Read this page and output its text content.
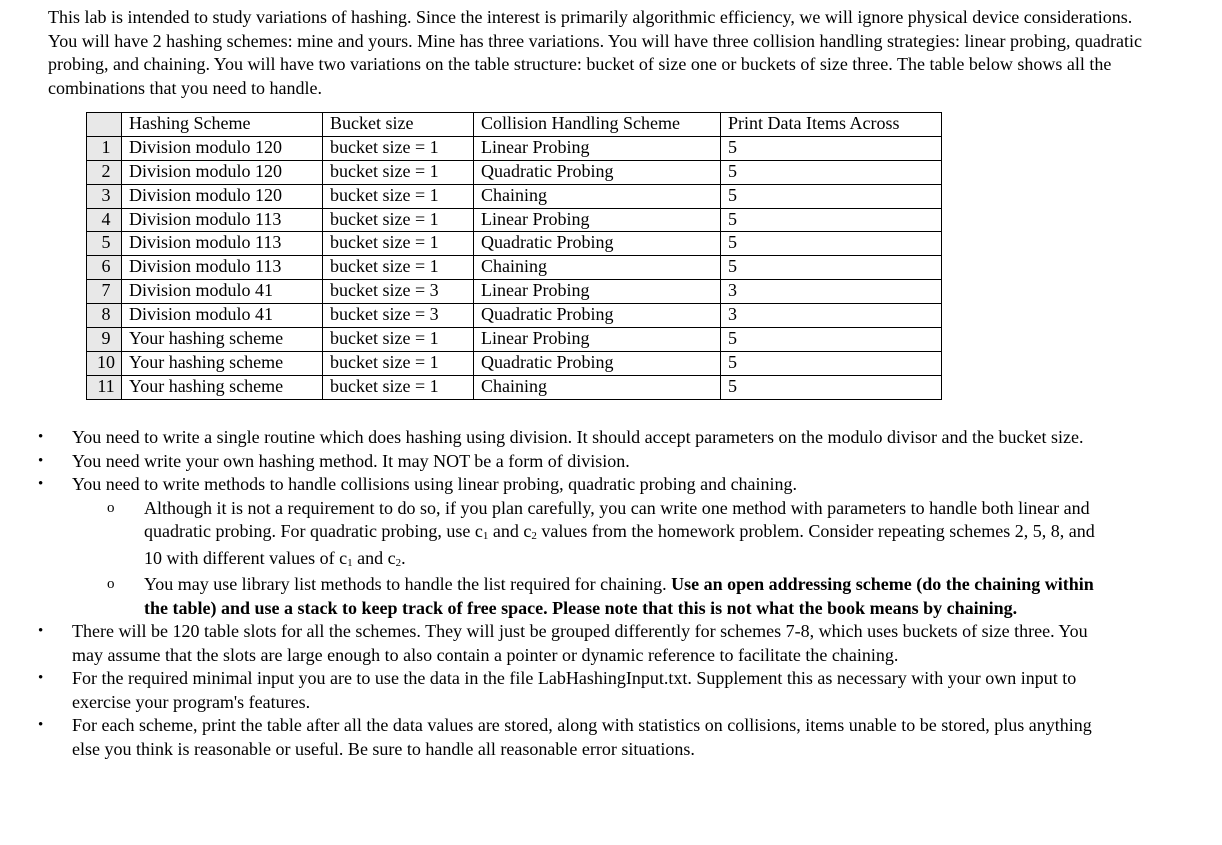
This lab is intended to study variations of hashing. Since the interest is primarily algorithmic efficiency, we will ignore physical device considerations. You will have 2 hashing schemes: mine and yours. Mine has three variations. You will have three collision handling strategies: linear probing, quadratic probing, and chaining. You will have two variations on the table structure: bucket of size one or buckets of size three. The table below shows all the combinations that you need to handle.

	Hashing Scheme	Bucket size	Collision Handling Scheme	Print Data Items Across
1	Division modulo 120	bucket size = 1	Linear Probing	5
2	Division modulo 120	bucket size = 1	Quadratic Probing	5
3	Division modulo 120	bucket size = 1	Chaining	5
4	Division modulo 113	bucket size = 1	Linear Probing	5
5	Division modulo 113	bucket size = 1	Quadratic Probing	5
6	Division modulo 113	bucket size = 1	Chaining	5
7	Division modulo 41	bucket size = 3	Linear Probing	3
8	Division modulo 41	bucket size = 3	Quadratic Probing	3
9	Your hashing scheme	bucket size = 1	Linear Probing	5
10	Your hashing scheme	bucket size = 1	Quadratic Probing	5
11	Your hashing scheme	bucket size = 1	Chaining	5
• You need to write a single routine which does hashing using division. It should accept parameters on the modulo divisor and the bucket size.
• You need write your own hashing method. It may NOT be a form of division.
• You need to write methods to handle collisions using linear probing, quadratic probing and chaining.
o Although it is not a requirement to do so, if you plan carefully, you can write one method with parameters to handle both linear and quadratic probing. For quadratic probing, use $c_1$ and $c_2$ values from the homework problem. Consider repeating schemes 2, 5, 8, and 10 with different values of $c_1$ and $c_2$.
o You may use library list methods to handle the list required for chaining. Use an open addressing scheme (do the chaining within the table) and use a stack to keep track of free space. Please note that this is not what the book means by chaining.
• There will be 120 table slots for all the schemes. They will just be grouped differently for schemes 7-8, which uses buckets of size three. You may assume that the slots are large enough to also contain a pointer or dynamic reference to facilitate the chaining.
• For the required minimal input you are to use the data in the file LabHashingInput.txt. Supplement this as necessary with your own input to exercise your program's features.
• For each scheme, print the table after all the data values are stored, along with statistics on collisions, items unable to be stored, plus anything else you think is reasonable or useful. Be sure to handle all reasonable error situations.
